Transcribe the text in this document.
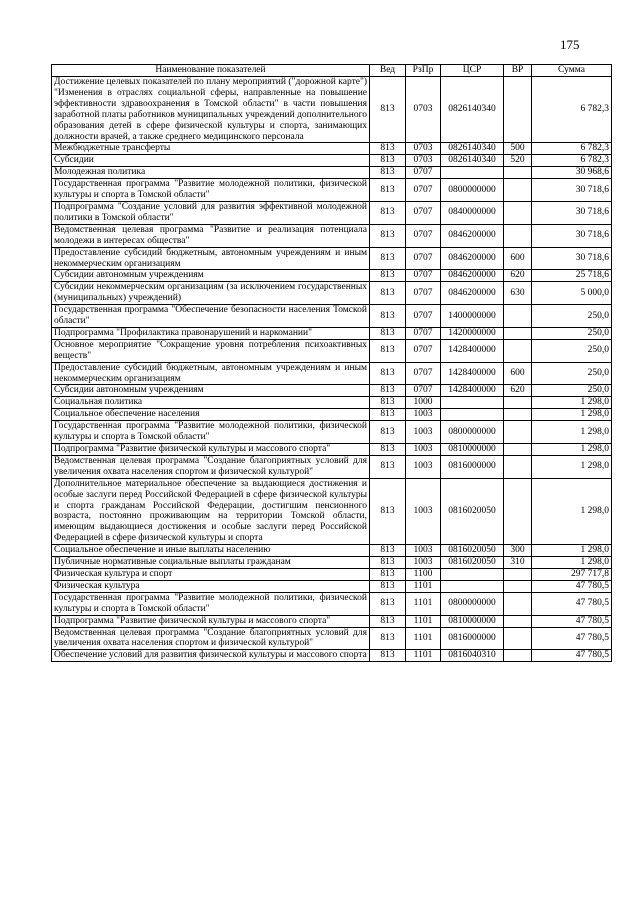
175
Наименование показателей	Вед	РзПр	ЦСР	ВР	Сумма
Достижение целевых показателей по плану мероприятий ("дорожной карте") "Изменения в отраслях социальной сферы, направленные на повышение эффективности здравоохранения в Томской области" в части повышения заработной платы работников муниципальных учреждений дополнительного образования детей в сфере физической культуры и спорта, занимающих должности врачей, а также среднего медицинского персонала	813	0703	0826140340		6 782,3
Межбюджетные трансферты	813	0703	0826140340	500	6 782,3
Субсидии	813	0703	0826140340	520	6 782,3
Молодежная политика	813	0707			30 968,6
Государственная программа "Развитие молодежной политики, физической культуры и спорта в Томской области"	813	0707	0800000000		30 718,6
Подпрограмма "Создание условий для развития эффективной молодежной политики в Томской области"	813	0707	0840000000		30 718,6
Ведомственная целевая программа "Развитие и реализация потенциала молодежи в интересах общества"	813	0707	0846200000		30 718,6
Предоставление субсидий бюджетным, автономным учреждениям и иным некоммерческим организациям	813	0707	0846200000	600	30 718,6
Субсидии автономным учреждениям	813	0707	0846200000	620	25 718,6
Субсидии некоммерческим организациям (за исключением государственных (муниципальных) учреждений)	813	0707	0846200000	630	5 000,0
Государственная программа "Обеспечение безопасности населения Томской области"	813	0707	1400000000		250,0
Подпрограмма "Профилактика правонарушений и наркомании"	813	0707	1420000000		250,0
Основное мероприятие "Сокращение уровня потребления психоактивных веществ"	813	0707	1428400000		250,0
Предоставление субсидий бюджетным, автономным учреждениям и иным некоммерческим организациям	813	0707	1428400000	600	250,0
Субсидии автономным учреждениям	813	0707	1428400000	620	250,0
Социальная политика	813	1000			1 298,0
Социальное обеспечение населения	813	1003			1 298,0
Государственная программа "Развитие молодежной политики, физической культуры и спорта в Томской области"	813	1003	0800000000		1 298,0
Подпрограмма "Развитие физической культуры и массового спорта"	813	1003	0810000000		1 298,0
Ведомственная целевая программа "Создание благоприятных условий для увеличения охвата населения спортом и физической культурой"	813	1003	0816000000		1 298,0
Дополнительное материальное обеспечение за выдающиеся достижения и особые заслуги перед Российской Федерацией в сфере физической культуры и спорта гражданам Российской Федерации, достигшим пенсионного возраста, постоянно проживающим на территории Томской области, имеющим выдающиеся достижения и особые заслуги перед Российской Федерацией в сфере физической культуры и спорта	813	1003	0816020050		1 298,0
Социальное обеспечение и иные выплаты населению	813	1003	0816020050	300	1 298,0
Публичные нормативные социальные выплаты гражданам	813	1003	0816020050	310	1 298,0
Физическая культура и спорт	813	1100			297 717,8
Физическая культура	813	1101			47 780,5
Государственная программа "Развитие молодежной политики, физической культуры и спорта в Томской области"	813	1101	0800000000		47 780,5
Подпрограмма "Развитие физической культуры и массового спорта"	813	1101	0810000000		47 780,5
Ведомственная целевая программа "Создание благоприятных условий для увеличения охвата населения спортом и физической культурой"	813	1101	0816000000		47 780,5
Обеспечение условий для развития физической культуры и массового спорта	813	1101	0816040310		47 780,5
